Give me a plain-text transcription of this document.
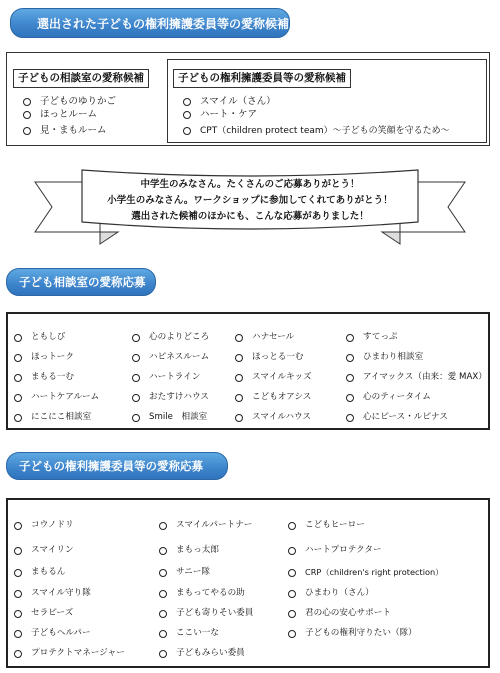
選出された子どもの権利擁護委員等の愛称候補
子どもの相談室の愛称候補
子どものゆりかご
ほっとルーム
見・まもルーム
子どもの権利擁護委員等の愛称候補
スマイル（さん）
ハート・ケア
CPT（children protect team）〜子どもの笑顔を守るため〜
中学生のみなさん。たくさんのご応募ありがとう！
小学生のみなさん。ワークショップに参加してくれてありがとう！
選出された候補のほかにも、こんな応募がありました！
子ども相談室の愛称応募
ともしび	心のよりどころ	ハナセール	すてっぷ
ほっトーク	ハピネスルーム	ほっとる一む	ひまわり相談室
まもる一む	ハートライン	スマイルキッズ	アイマックス（由来：愛 MAX）
ハートケアルーム	おたすけハウス	こどもオアシス	心のティータイム
にこにこ相談室	Smile　相談室	スマイルハウス	心にピース・ルピナス
子どもの権利擁護委員等の愛称応募
コウノドリ	スマイルパートナー	こどもヒーロー
スマイリン	まもっ太郎	ハートプロテクター
まもるん	サニー隊	CRP（children's right protection）
スマイル守り隊	まもってやるの助	ひまわり（さん）
セラピーズ	子ども寄りそい委員	君の心の安心サポート
子どもヘルパー	ここい一な	子どもの権利守りたい（隊）
プロテクトマネージャー	子どもみらい委員
